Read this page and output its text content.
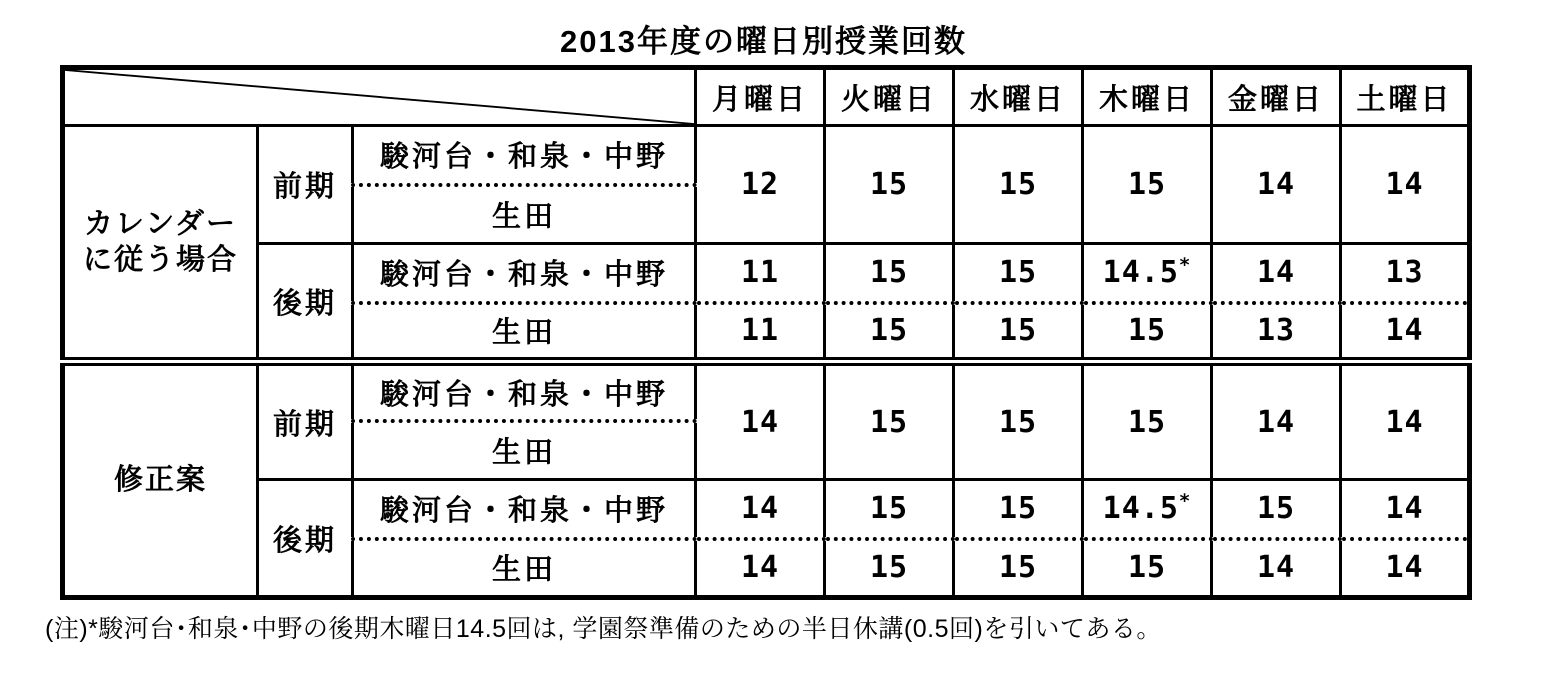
2013年度の曜日別授業回数
	月曜日	火曜日	水曜日	木曜日	金曜日	土曜日

カレンダー
に従う場合	前期	駿河台・和泉・中野	12	15	15	15	14	14
		生田						
	後期	駿河台・和泉・中野	11	15	15	14.5*	14	13
		生田	11	15	15	15	13	14

修正案	前期	駿河台・和泉・中野	14	15	15	15	14	14
		生田						
	後期	駿河台・和泉・中野	14	15	15	14.5*	15	14
		生田	14	15	15	15	14	14
(注)*駿河台･和泉･中野の後期木曜日14.5回は, 学園祭準備のための半日休講(0.5回)を引いてある。
